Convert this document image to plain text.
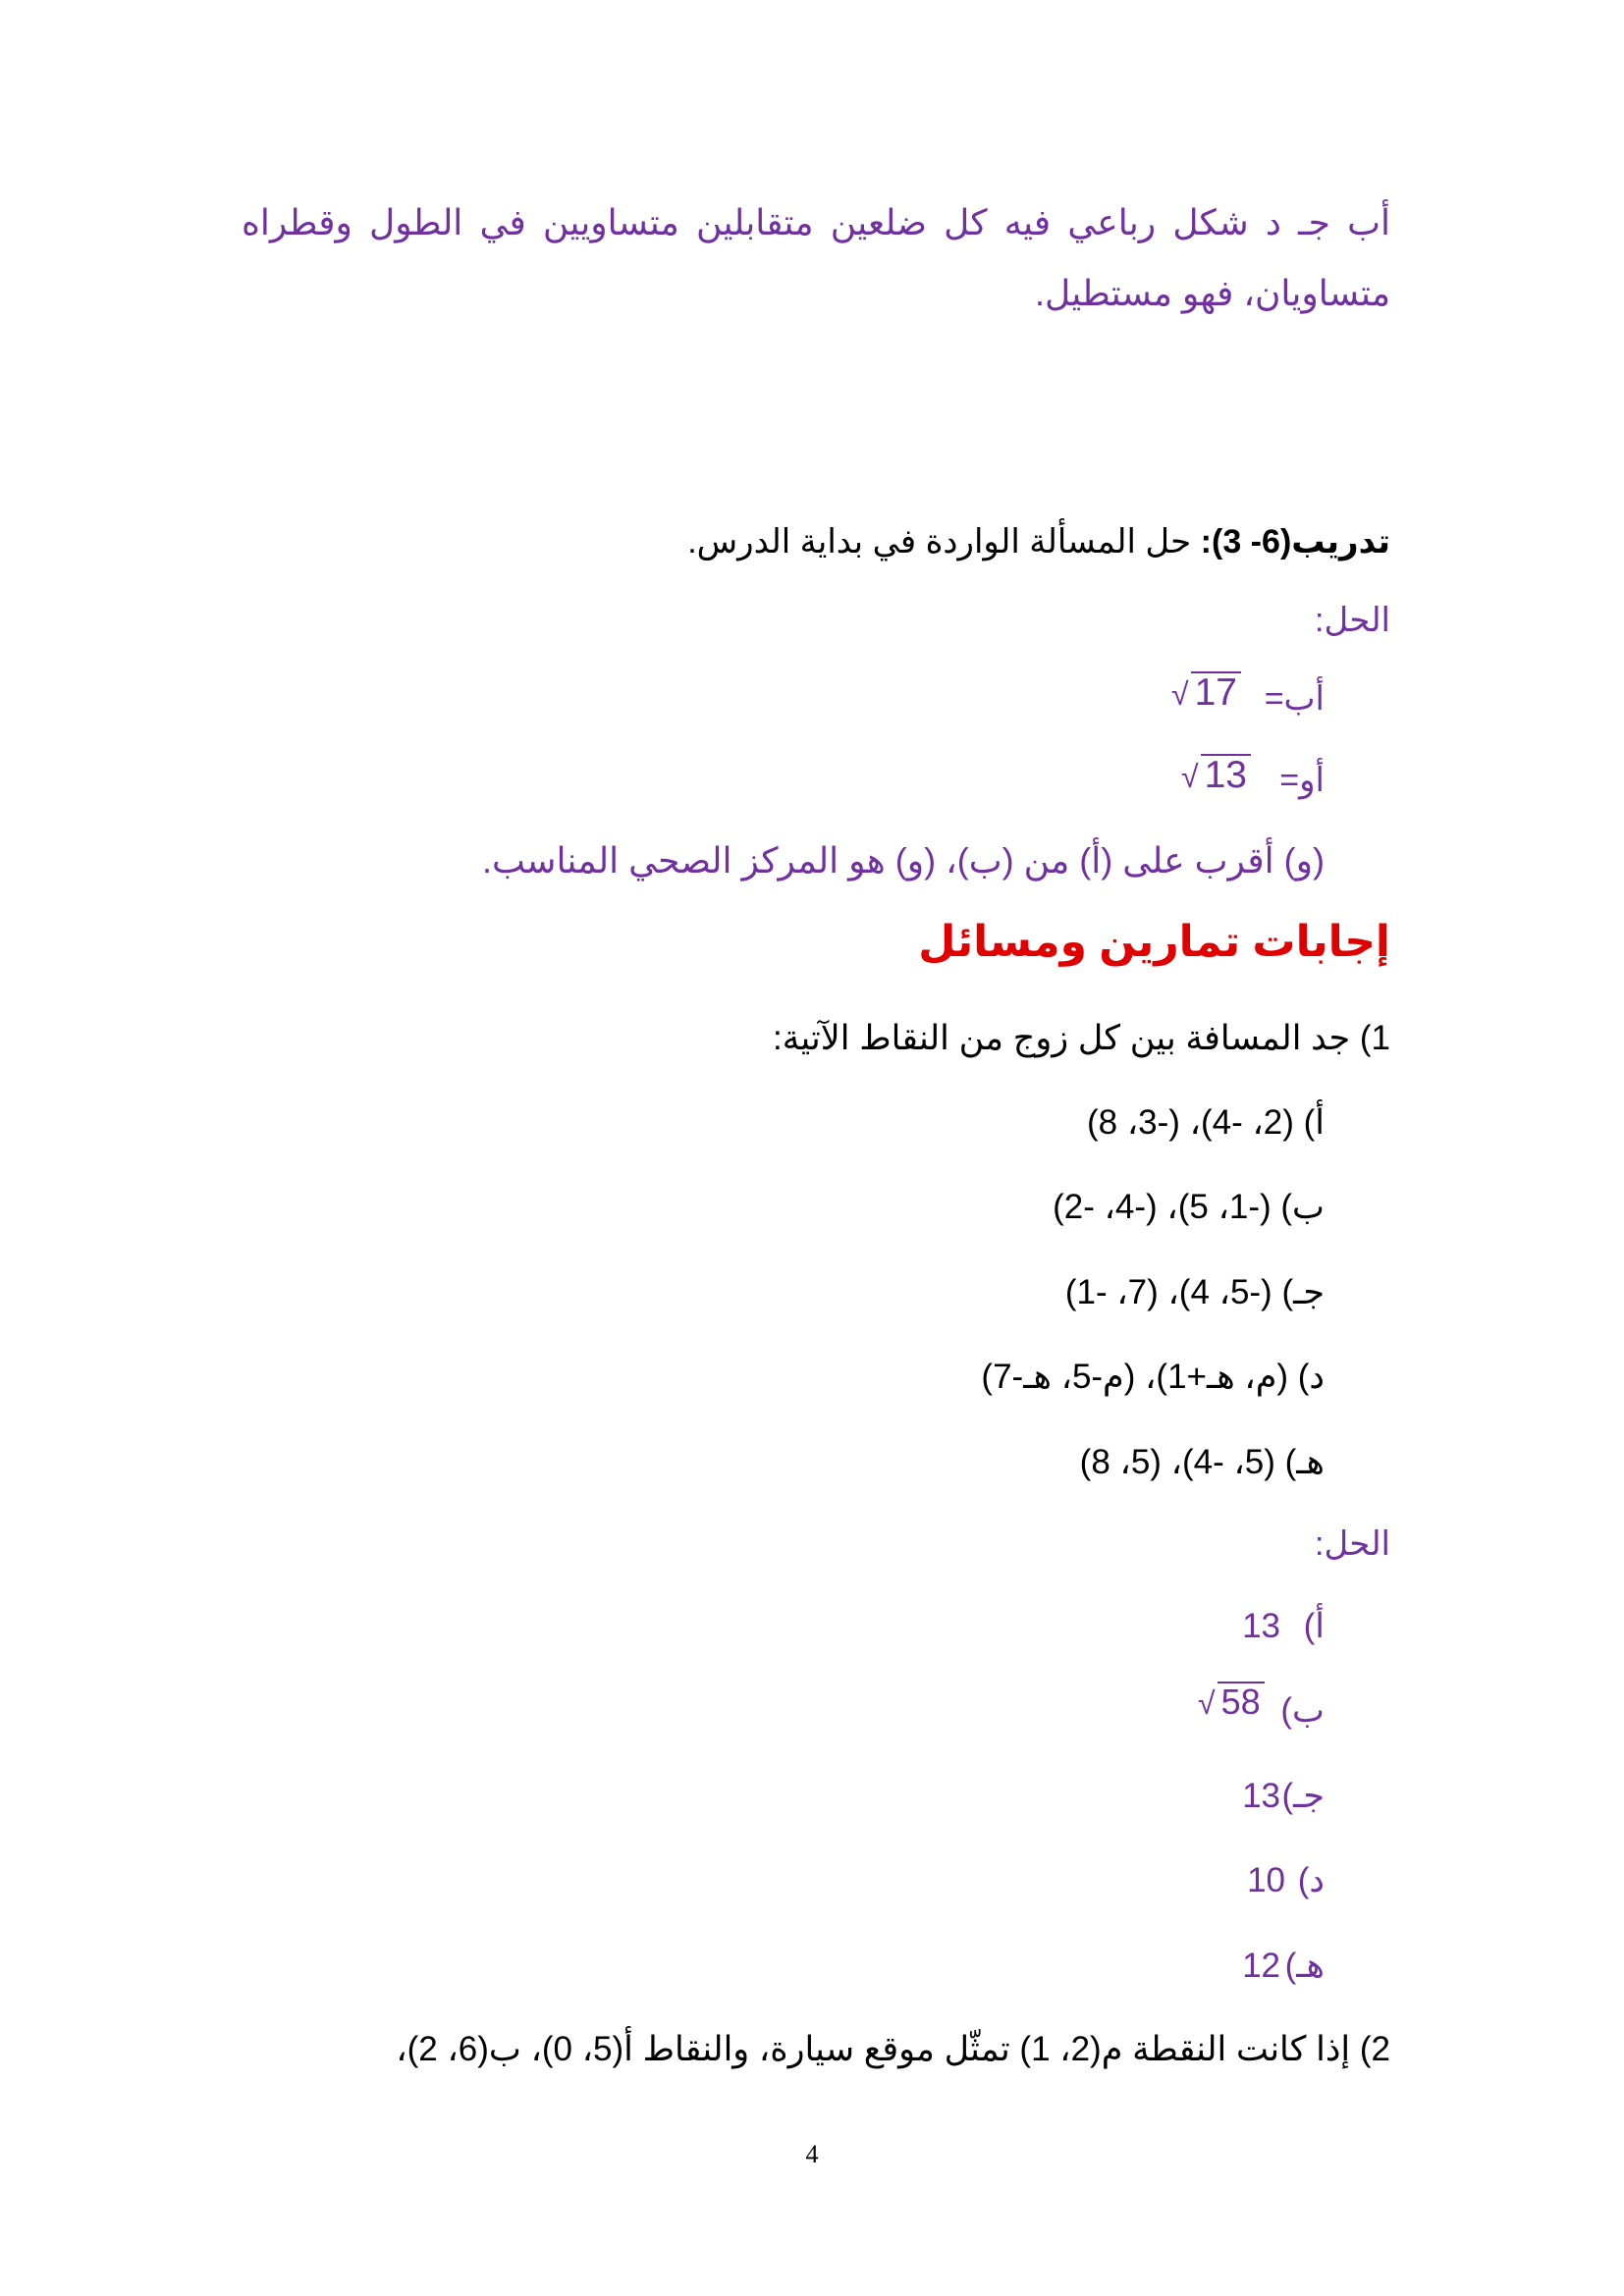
أب جـ د شكل رباعي فيه كل ضلعين متقابلين متساويين في الطول وقطراه
متساويان، فهو مستطيل.
تدريب(6- 3): حل المسألة الواردة في بداية الدرس.
الحل:
أب=
√ 17
أو=
√ 13
(و) أقرب على (أ) من (ب)، (و) هو المركز الصحي المناسب.
إجابات تمارين ومسائل
1) جد المسافة بين كل زوج من النقاط الآتية:
أ) (2، -4)، (-3، 8)
ب) (-1، 5)، (-4، -2)
جـ) (-5، 4)، (7، -1)
د) (م، هـ+1)، (م-5، هـ-7)
هـ) (5، -4)، (5، 8)
الحل:
أ)
13
ب)
√ 58
جـ)
13
د)
10
هـ)
12
2) إذا كانت النقطة م(2، 1) تمثّل موقع سيارة، والنقاط أ(5، 0)، ب(6، 2)،
4
